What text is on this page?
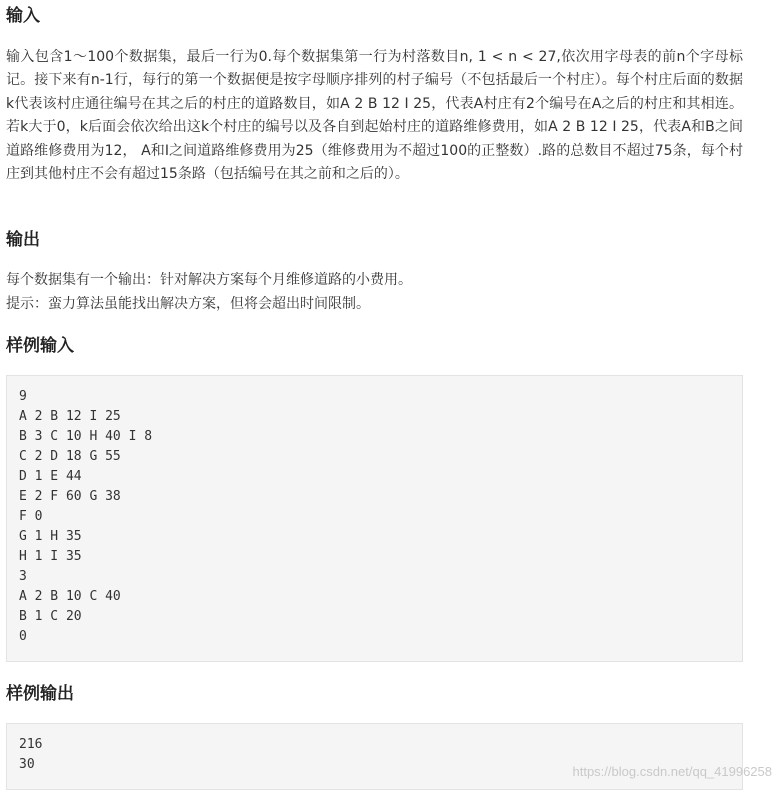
输入

输入包含1～100个数据集，最后一行为0.每个数据集第一行为村落数目n, 1 < n < 27,依次用字母表的前n个字母标记。接下来有n-1行，每行的第一个数据便是按字母顺序排列的村子编号（不包括最后一个村庄）。每个村庄后面的数据k代表该村庄通往编号在其之后的村庄的道路数目，如A 2 B 12 I 25，代表A村庄有2个编号在A之后的村庄和其相连。若k大于0，k后面会依次给出这k个村庄的编号以及各自到起始村庄的道路维修费用，如A 2 B 12 I 25，代表A和B之间道路维修费用为12， A和I之间道路维修费用为25（维修费用为不超过100的正整数）.路的总数目不超过75条，每个村庄到其他村庄不会有超过15条路（包括编号在其之前和之后的）。

输出
每个数据集有一个输出：针对解决方案每个月维修道路的小费用。
提示：蛮力算法虽能找出解决方案，但将会超出时间限制。
样例输入
9
A 2 B 12 I 25
B 3 C 10 H 40 I 8
C 2 D 18 G 55
D 1 E 44
E 2 F 60 G 38
F 0
G 1 H 35
H 1 I 35
3
A 2 B 10 C 40
B 1 C 20
0
样例输出
216
30	https://blog.csdn.net/qq_41996258
